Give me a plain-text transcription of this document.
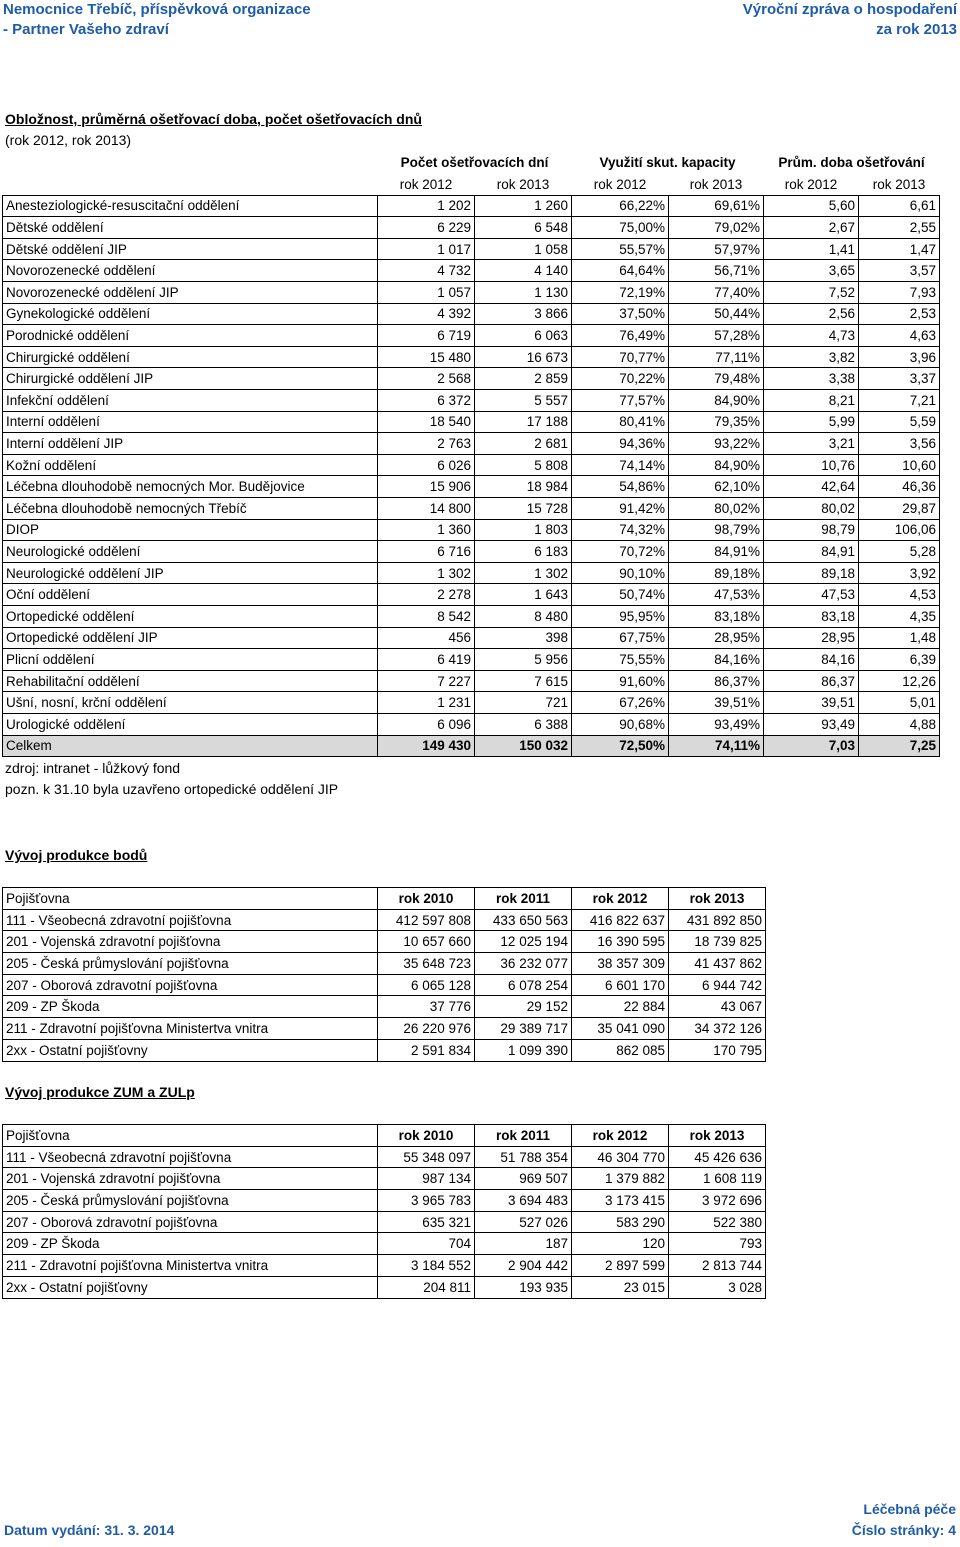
Nemocnice Třebíč, příspěvková organizace
- Partner Vašeho zdraví
Výroční zpráva o hospodaření
za rok 2013
Obložnost, průměrná ošetřovací doba, počet ošetřovacích dnů
(rok 2012, rok 2013)
	Počet ošetřovacích dní		Využití skut. kapacity		Prům. doba ošetřování	
	rok 2012	rok 2013	rok 2012	rok 2013	rok 2012	rok 2013
Anesteziologické-resuscitační oddělení	1 202	1 260	66,22%	69,61%	5,60	6,61
Dětské oddělení	6 229	6 548	75,00%	79,02%	2,67	2,55
Dětské oddělení JIP	1 017	1 058	55,57%	57,97%	1,41	1,47
Novorozenecké oddělení	4 732	4 140	64,64%	56,71%	3,65	3,57
Novorozenecké oddělení JIP	1 057	1 130	72,19%	77,40%	7,52	7,93
Gynekologické oddělení	4 392	3 866	37,50%	50,44%	2,56	2,53
Porodnické oddělení	6 719	6 063	76,49%	57,28%	4,73	4,63
Chirurgické oddělení	15 480	16 673	70,77%	77,11%	3,82	3,96
Chirurgické oddělení JIP	2 568	2 859	70,22%	79,48%	3,38	3,37
Infekční oddělení	6 372	5 557	77,57%	84,90%	8,21	7,21
Interní oddělení	18 540	17 188	80,41%	79,35%	5,99	5,59
Interní oddělení JIP	2 763	2 681	94,36%	93,22%	3,21	3,56
Kožní oddělení	6 026	5 808	74,14%	84,90%	10,76	10,60
Léčebna dlouhodobě nemocných Mor. Budějovice	15 906	18 984	54,86%	62,10%	42,64	46,36
Léčebna dlouhodobě nemocných Třebíč	14 800	15 728	91,42%	80,02%	80,02	29,87
DIOP	1 360	1 803	74,32%	98,79%	98,79	106,06
Neurologické oddělení	6 716	6 183	70,72%	84,91%	84,91	5,28
Neurologické oddělení JIP	1 302	1 302	90,10%	89,18%	89,18	3,92
Oční oddělení	2 278	1 643	50,74%	47,53%	47,53	4,53
Ortopedické oddělení	8 542	8 480	95,95%	83,18%	83,18	4,35
Ortopedické oddělení JIP	456	398	67,75%	28,95%	28,95	1,48
Plicní oddělení	6 419	5 956	75,55%	84,16%	84,16	6,39
Rehabilitační oddělení	7 227	7 615	91,60%	86,37%	86,37	12,26
Ušní, nosní, krční oddělení	1 231	721	67,26%	39,51%	39,51	5,01
Urologické oddělení	6 096	6 388	90,68%	93,49%	93,49	4,88
Celkem	149 430	150 032	72,50%	74,11%	7,03	7,25
zdroj: intranet - lůžkový fond
pozn. k 31.10 byla uzavřeno ortopedické oddělení JIP
Vývoj produkce bodů
Pojišťovna	rok 2010	rok 2011	rok 2012	rok 2013
111 - Všeobecná zdravotní pojišťovna	412 597 808	433 650 563	416 822 637	431 892 850
201 - Vojenská zdravotní pojišťovna	10 657 660	12 025 194	16 390 595	18 739 825
205 - Česká průmyslování pojišťovna	35 648 723	36 232 077	38 357 309	41 437 862
207 - Oborová zdravotní pojišťovna	6 065 128	6 078 254	6 601 170	6 944 742
209 - ZP Škoda	37 776	29 152	22 884	43 067
211 - Zdravotní pojišťovna Ministertva vnitra	26 220 976	29 389 717	35 041 090	34 372 126
2xx - Ostatní pojišťovny	2 591 834	1 099 390	862 085	170 795
Vývoj produkce ZUM a ZULp
Pojišťovna	rok 2010	rok 2011	rok 2012	rok 2013
111 - Všeobecná zdravotní pojišťovna	55 348 097	51 788 354	46 304 770	45 426 636
201 - Vojenská zdravotní pojišťovna	987 134	969 507	1 379 882	1 608 119
205 - Česká průmyslování pojišťovna	3 965 783	3 694 483	3 173 415	3 972 696
207 - Oborová zdravotní pojišťovna	635 321	527 026	583 290	522 380
209 - ZP Škoda	704	187	120	793
211 - Zdravotní pojišťovna Ministertva vnitra	3 184 552	2 904 442	2 897 599	2 813 744
2xx - Ostatní pojišťovny	204 811	193 935	23 015	3 028
Datum vydání: 31. 3. 2014
Léčebná péče
Číslo stránky: 4
